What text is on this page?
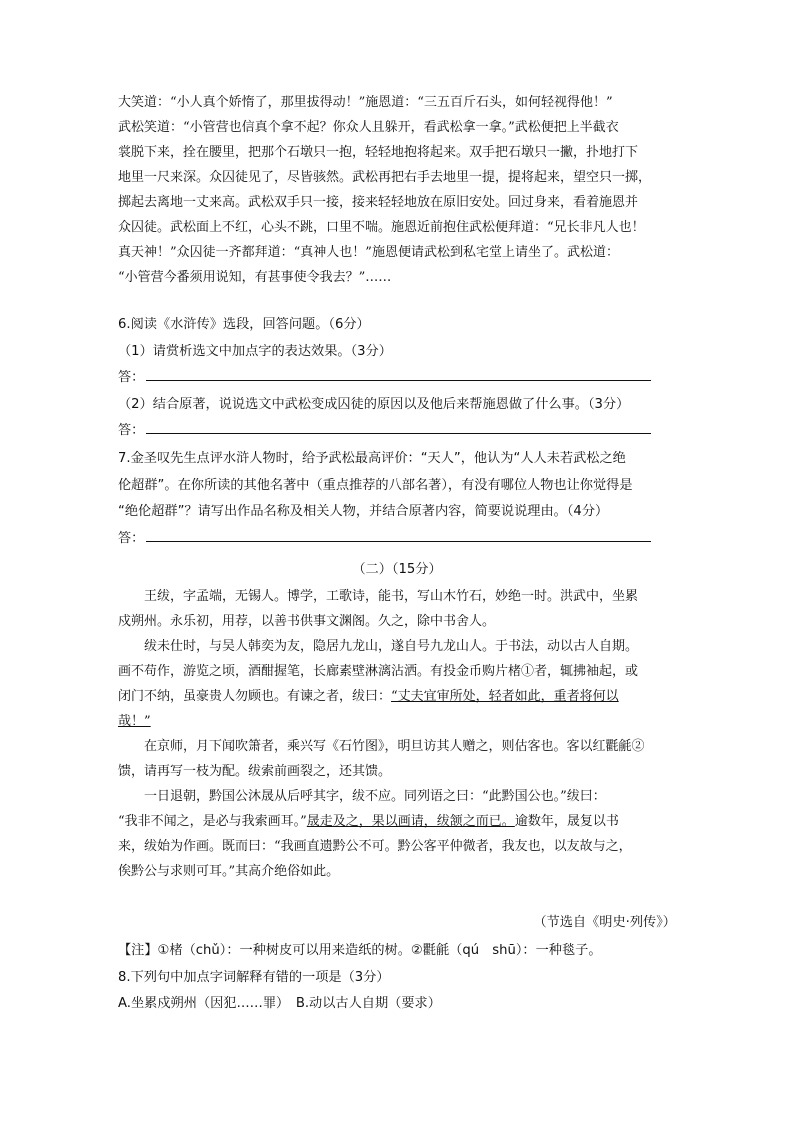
大笑道：“小人真个娇惰了，那里拔得动！”施恩道：“三五百斤石头，如何轻视得他！”

武松笑道：“小管营也信真个拿不起？你众人且躲开，看武松拿一拿。”武松便把上半截衣

裳脱下来，拴在腰里，把那个石墩只一抱，轻轻地抱将起来。双手把石墩只一撇，扑地打下

地里一尺来深。众囚徒见了，尽皆骇然。武松再把右手去地里一提，提将起来，望空只一掷，

掷起去离地一丈来高。武松双手只一接，接来轻轻地放在原旧安处。回过身来，看着施恩并

众囚徒。武松面上不红，心头不跳，口里不喘。施恩近前抱住武松便拜道：“兄长非凡人也！

真天神！”众囚徒一齐都拜道：“真神人也！”施恩便请武松到私宅堂上请坐了。武松道：

“小管营今番须用说知，有甚事使令我去？”……

6.阅读《水浒传》选段，回答问题。（6分）

（1）请赏析选文中加点字的表达效果。（3分）

答：

（2）结合原著，说说选文中武松变成囚徒的原因以及他后来帮施恩做了什么事。（3分）

答：

7.金圣叹先生点评水浒人物时，给予武松最高评价：“天人”，他认为“人人未若武松之绝

伦超群”。在你所读的其他名著中（重点推荐的八部名著），有没有哪位人物也让你觉得是

“绝伦超群”？请写出作品名称及相关人物，并结合原著内容，简要说说理由。（4分）

答：

（二）（15分）

王绂，字孟端，无锡人。博学，工歌诗，能书，写山木竹石，妙绝一时。洪武中，坐累

戍朔州。永乐初，用荐，以善书供事文渊阁。久之，除中书舍人。

绂未仕时，与吴人韩奕为友，隐居九龙山，遂自号九龙山人。于书法，动以古人自期。

画不苟作，游览之顷，酒酣握笔，长廊素壁淋漓沾洒。有投金币购片楮①者，辄拂袖起，或

闭门不纳，虽豪贵人勿顾也。有谏之者，绂曰：“丈夫宜审所处，轻者如此，重者将何以

哉！”

在京师，月下闻吹箫者，乘兴写《石竹图》，明旦访其人赠之，则估客也。客以红氍毹②

馈，请再写一枝为配。绂索前画裂之，还其馈。

一日退朝，黔国公沐晟从后呼其字，绂不应。同列语之曰：“此黔国公也。”绂曰：

“我非不闻之，是必与我索画耳。”晟走及之，果以画请，绂颔之而已。逾数年，晟复以书

来，绂始为作画。既而曰：“我画直遗黔公不可。黔公客平仲微者，我友也，以友故与之，

俟黔公与求则可耳。”其高介绝俗如此。

（节选自《明史·列传》）

【注】①楮（chǔ）：一种树皮可以用来造纸的树。②氍毹（qú　shū）：一种毯子。

8.下列句中加点字词解释有错的一项是（3分）

A.坐累戍朔州（因犯……罪）　B.动以古人自期（要求）
